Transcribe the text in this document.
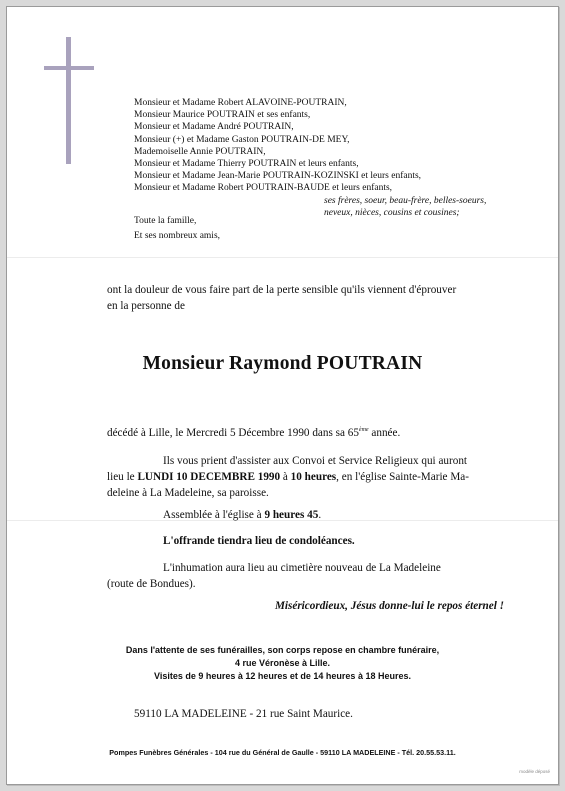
Monsieur et Madame Robert ALAVOINE-POUTRAIN,
Monsieur Maurice POUTRAIN et ses enfants,
Monsieur et Madame André POUTRAIN,
Monsieur (+) et Madame Gaston POUTRAIN-DE MEY,
Mademoiselle Annie POUTRAIN,
Monsieur et Madame Thierry POUTRAIN et leurs enfants,
Monsieur et Madame Jean-Marie POUTRAIN-KOZINSKI et leurs enfants,
Monsieur et Madame Robert POUTRAIN-BAUDE et leurs enfants,
ses frères, soeur, beau-frère, belles-soeurs,
neveux, nièces, cousins et cousines;
Toute la famille,
Et ses nombreux amis,
ont la douleur de vous faire part de la perte sensible qu'ils viennent d'éprouver
en la personne de
Monsieur Raymond POUTRAIN
décédé à Lille, le Mercredi 5 Décembre 1990 dans sa 65ème année.
Ils vous prient d'assister aux Convoi et Service Religieux qui auront
lieu le LUNDI 10 DECEMBRE 1990 à 10 heures, en l'église Sainte-Marie Ma-
deleine à La Madeleine, sa paroisse.
Assemblée à l'église à 9 heures 45.
L'offrande tiendra lieu de condoléances.
L'inhumation aura lieu au cimetière nouveau de La Madeleine
(route de Bondues).
Miséricordieux, Jésus donne-lui le repos éternel !
Dans l'attente de ses funérailles, son corps repose en chambre funéraire,
4 rue Véronèse à Lille.
Visites de 9 heures à 12 heures et de 14 heures à 18 Heures.
59110 LA MADELEINE - 21 rue Saint Maurice.
Pompes Funèbres Générales - 104 rue du Général de Gaulle - 59110 LA MADELEINE - Tél. 20.55.53.11.
modèle déposé
